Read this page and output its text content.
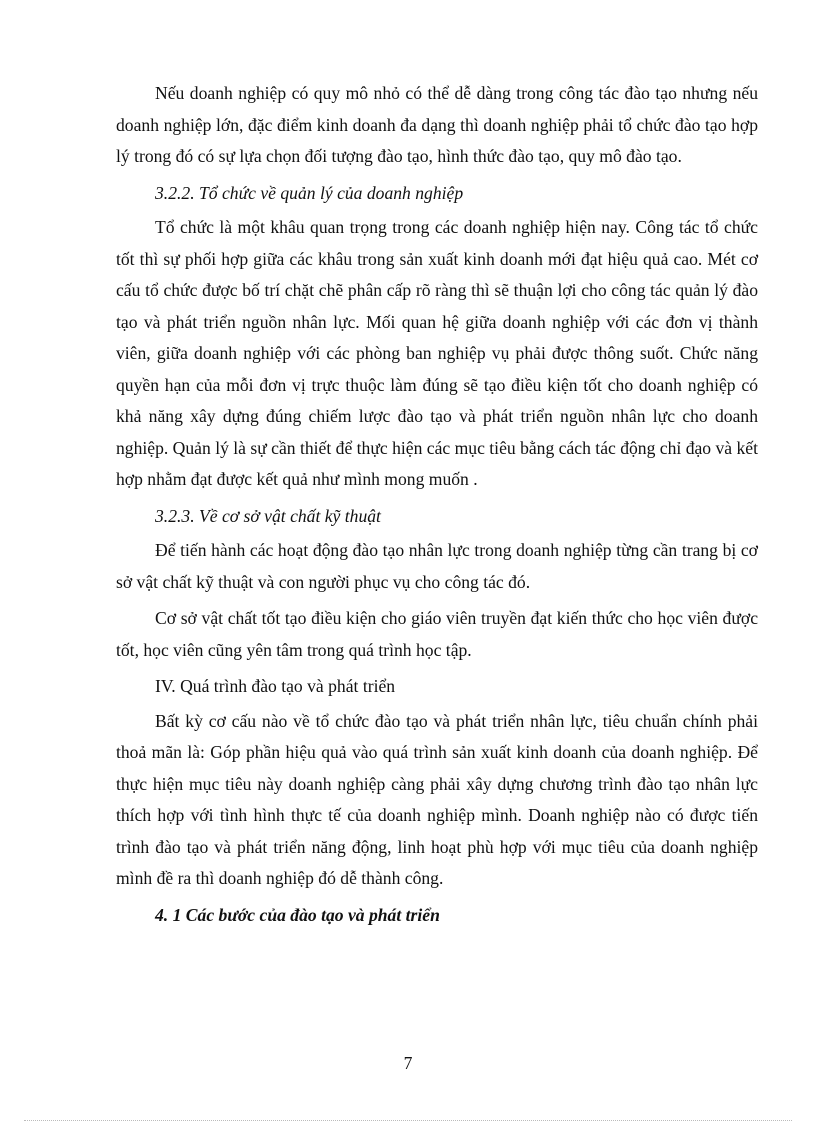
Nếu doanh nghiệp có quy mô nhỏ có thể dễ dàng trong công tác đào tạo nhưng nếu doanh nghiệp lớn, đặc điểm kinh doanh đa dạng thì doanh nghiệp phải tổ chức đào tạo hợp lý trong đó có sự lựa chọn đối tượng đào tạo, hình thức đào tạo, quy mô đào tạo.

3.2.2. Tổ chức về quản lý của doanh nghiệp

Tổ chức là một khâu quan trọng trong các doanh nghiệp hiện nay. Công tác tổ chức tốt thì sự phối hợp giữa các khâu trong sản xuất kinh doanh mới đạt hiệu quả cao. Mét cơ cấu tổ chức được bố trí chặt chẽ phân cấp rõ ràng thì sẽ thuận lợi cho công tác quản lý đào tạo và phát triển nguồn nhân lực. Mối quan hệ giữa doanh nghiệp với các đơn vị thành viên, giữa doanh nghiệp với các phòng ban nghiệp vụ phải được thông suốt. Chức năng quyền hạn của mỗi đơn vị trực thuộc làm đúng sẽ tạo điều kiện tốt cho doanh nghiệp có khả năng xây dựng đúng chiếm lược đào tạo và phát triển nguồn nhân lực cho doanh nghiệp. Quản lý là sự cần thiết để thực hiện các mục tiêu bằng cách tác động chỉ đạo và kết hợp nhằm đạt được kết quả như mình mong muốn .

3.2.3. Về cơ sở vật chất kỹ thuật

Để tiến hành các hoạt động đào tạo nhân lực trong doanh nghiệp từng cần trang bị cơ sở vật chất kỹ thuật và con người phục vụ cho công tác đó.

Cơ sở vật chất tốt tạo điều kiện cho giáo viên truyền đạt kiến thức cho học viên được tốt, học viên cũng yên tâm trong quá trình học tập.

IV. Quá trình đào tạo và phát triển

Bất kỳ cơ cấu nào về tổ chức đào tạo và phát triển nhân lực, tiêu chuẩn chính phải thoả mãn là: Góp phần hiệu quả vào quá trình sản xuất kinh doanh của doanh nghiệp. Để thực hiện mục tiêu này doanh nghiệp càng phải xây dựng chương trình đào tạo nhân lực thích hợp với tình hình thực tế của doanh nghiệp mình. Doanh nghiệp nào có được tiến trình đào tạo và phát triển năng động, linh hoạt phù hợp với mục tiêu của doanh nghiệp mình đề ra thì doanh nghiệp đó dễ thành công.

4. 1 Các bước của đào tạo và phát triển

7
